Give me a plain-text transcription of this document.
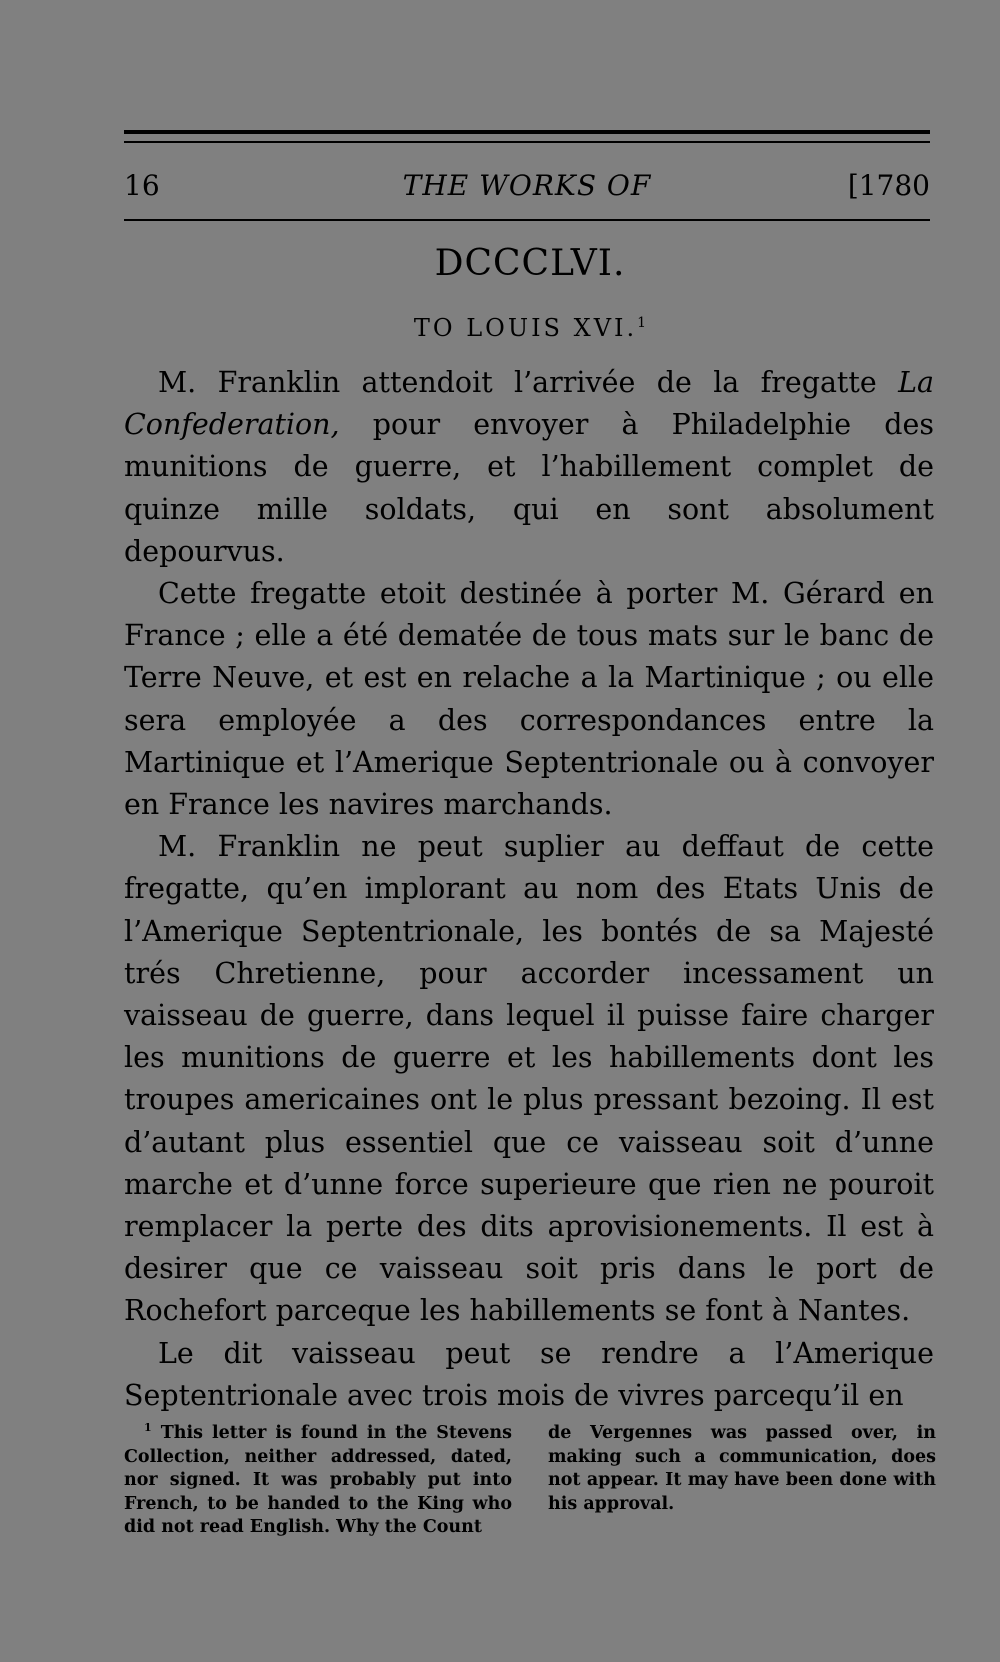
16	THE WORKS OF	[1780
DCCCLVI.
TO LOUIS XVI.$^1$

M. Franklin attendoit l’arrivée de la fregatte La Confederation, pour envoyer à Philadelphie des munitions de guerre, et l’habillement complet de quinze mille soldats, qui en sont absolument depourvus.

Cette fregatte etoit destinée à porter M. Gérard en France ; elle a été dematée de tous mats sur le banc de Terre Neuve, et est en relache a la Martinique ; ou elle sera employée a des correspondances entre la Martinique et l’Amerique Septentrionale ou à convoyer en France les navires marchands.

M. Franklin ne peut suplier au deffaut de cette fregatte, qu’en implorant au nom des Etats Unis de l’Amerique Septentrionale, les bontés de sa Majesté trés Chretienne, pour accorder incessament un vaisseau de guerre, dans lequel il puisse faire charger les munitions de guerre et les habillements dont les troupes americaines ont le plus pressant bezoing. Il est d’autant plus essentiel que ce vaisseau soit d’unne marche et d’unne force superieure que rien ne pouroit remplacer la perte des dits aprovisionements. Il est à desirer que ce vaisseau soit pris dans le port de Rochefort parceque les habillements se font à Nantes.

Le dit vaisseau peut se rendre a l’Amerique Septentrionale avec trois mois de vivres parcequ’il en

$^1$ This letter is found in the Stevens Collection, neither addressed, dated, nor signed. It was probably put into French, to be handed to the King who did not read English. Why the Count
de Vergennes was passed over, in making such a communication, does not appear. It may have been done with his approval.
